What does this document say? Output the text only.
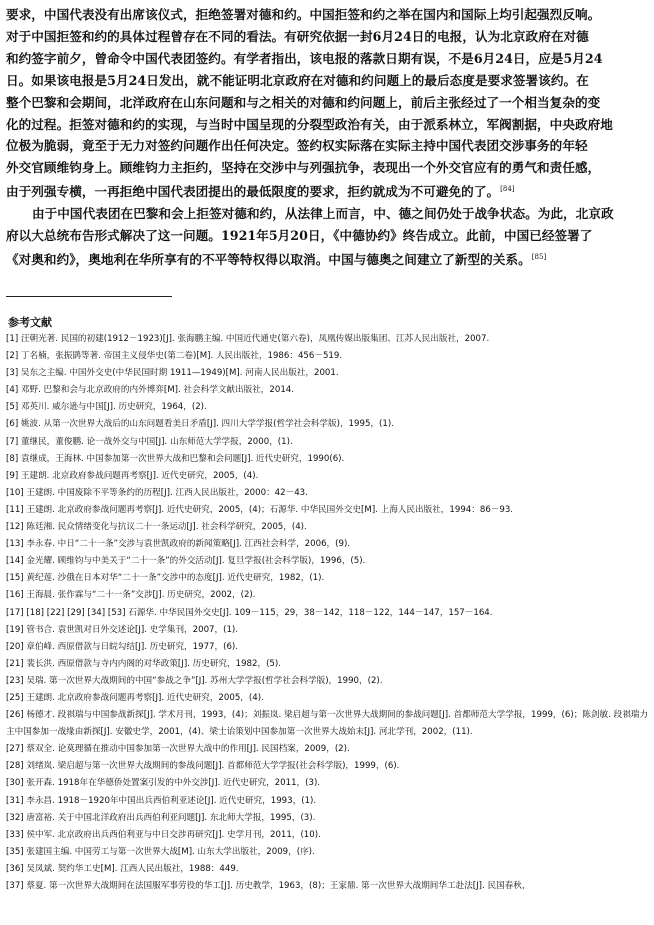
要求，中国代表没有出席该仪式，拒绝签署对德和约。中国拒签和约之举在国内和国际上均引起强烈反响。
对于中国拒签和约的具体过程曾存在不同的看法。有研究依据一封6月24日的电报，认为北京政府在对德
和约签字前夕，曾命令中国代表团签约。有学者指出，该电报的落款日期有误，不是6月24日，应是5月24
日。如果该电报是5月24日发出，就不能证明北京政府在对德和约问题上的最后态度是要求签署该约。在
整个巴黎和会期间，北洋政府在山东问题和与之相关的对德和约问题上，前后主张经过了一个相当复杂的变
化的过程。拒签对德和约的实现，与当时中国呈现的分裂型政治有关，由于派系林立，军阀割据，中央政府地
位极为脆弱，竟至于无力对签约问题作出任何决定。签约权实际落在实际主持中国代表团交涉事务的年轻
外交官顾维钧身上。顾维钧力主拒约，坚持在交涉中与列强抗争，表现出一个外交官应有的勇气和责任感，
由于列强专横，一再拒绝中国代表团提出的最低限度的要求，拒约就成为不可避免的了。[84]
由于中国代表团在巴黎和会上拒签对德和约，从法律上而言，中、德之间仍处于战争状态。为此，北京政
府以大总统布告形式解决了这一问题。1921年5月20日，《中德协约》终告成立。此前，中国已经签署了
《对奥和约》，奥地利在华所享有的不平等特权得以取消。中国与德奥之间建立了新型的关系。[85]

参考文献

[1] 汪朝光著. 民国的初建(1912－1923)[J]. 张海鹏主编. 中国近代通史(第六卷)，凤凰传媒出版集团、江苏人民出版社，2007.
[2] 丁名楠，张振鹍等著. 帝国主义侵华史(第二卷)[M]. 人民出版社，1986：456－519.
[3] 吴东之主编. 中国外交史(中华民国时期 1911—1949)[M]. 河南人民出版社，2001.
[4] 邓野. 巴黎和会与北京政府的内外博弈[M]. 社会科学文献出版社，2014.
[5] 邓英川. 威尔逊与中国[J]. 历史研究，1964，(2).
[6] 姚波. 从第一次世界大战后的山东问题看美日矛盾[J]. 四川大学学报(哲学社会科学版)，1995，(1).
[7] 董继民，董俊鹏. 论一战外交与中国[J]. 山东师范大学学报，2000，(1).
[8] 袁继成，王海林. 中国参加第一次世界大战和巴黎和会问题[J]. 近代史研究，1990(6).
[9] 王建朗. 北京政府参战问题再考察[J]. 近代史研究，2005，(4).
[10] 王建朗. 中国废除不平等条约的历程[J]. 江西人民出版社，2000：42－43.
[11] 王建朗. 北京政府参战问题再考察[J]. 近代史研究，2005，(4)；石源华. 中华民国外交史[M]. 上海人民出版社，1994：86－93.
[12] 陈廷湘. 民众情绪变化与抗议二十一条运动[J]. 社会科学研究，2005，(4).
[13] 李永春. 中日“二十一条”交涉与袁世凯政府的新闻策略[J]. 江西社会科学，2006，(9).
[14] 金光耀. 顾维钧与中美关于“二十一条”的外交活动[J]. 复旦学报(社会科学版)，1996，(5).
[15] 黄纪莲. 沙俄在日本对华“二十一条”交涉中的态度[J]. 近代史研究，1982，(1).
[16] 王海晨. 张作霖与“二十一条”交涉[J]. 历史研究，2002，(2).
[17] [18] [22] [29] [34] [53] 石源华. 中华民国外交史[J]. 109－115，29，38－142，118－122，144－147，157－164.
[19] 管书合. 袁世凯对日外交述论[J]. 史学集刊，2007，(1).
[20] 章伯峰. 西原借款与日皖勾结[J]. 历史研究，1977，(6).
[21] 裴长洪. 西原借款与寺内内阁的对华政策[J]. 历史研究，1982，(5).
[23] 吴瑞. 第一次世界大战期间的中国“参战之争”[J]. 苏州大学学报(哲学社会科学版)，1990，(2).
[25] 王建朗. 北京政府参战问题再考察[J]. 近代史研究，2005，(4).
[26] 杨德才. 段祺瑞与中国参战新探[J]. 学术月刊，1993，(4)；刘振岚. 梁启超与第一次世界大战期间的参战问题[J]. 首都师范大学学报，1999，(6)；陈剑敏. 段祺瑞力主中国参加一战缘由新探[J]. 安徽史学，2001，(4)、梁士诒策划中国参加第一次世界大战始末[J]. 河北学刊，2002，(11).
[27] 蔡双全. 论莫理循在推动中国参加第一次世界大战中的作用[J]. 民国档案，2009，(2).
[28] 刘绪岚. 梁启超与第一次世界大战期间的参战问题[J]. 首都师范大学学报(社会科学版)，1999，(6).
[30] 张开森. 1918年在华德侨处置案引发的中外交涉[J]. 近代史研究，2011，(3).
[31] 李永昌. 1918－1920年中国出兵西伯利亚述论[J]. 近代史研究，1993，(1).
[32] 唐富裕. 关于中国北洋政府出兵西伯利亚问题[J]. 东北师大学报，1995，(3).
[33] 侯中军. 北京政府出兵西伯利亚与中日交涉再研究[J]. 史学月刊，2011，(10).
[35] 张建国主编. 中国劳工与第一次世界大战[M]. 山东大学出版社，2009，(序).
[36] 吴凤斌. 契约华工史[M]. 江西人民出版社，1988：449.
[37] 蔡夏. 第一次世界大战期间在法国服军事劳役的华工[J]. 历史教学，1963，(8)；王家鼎. 第一次世界大战期间华工赴法[J]. 民国春秋，
